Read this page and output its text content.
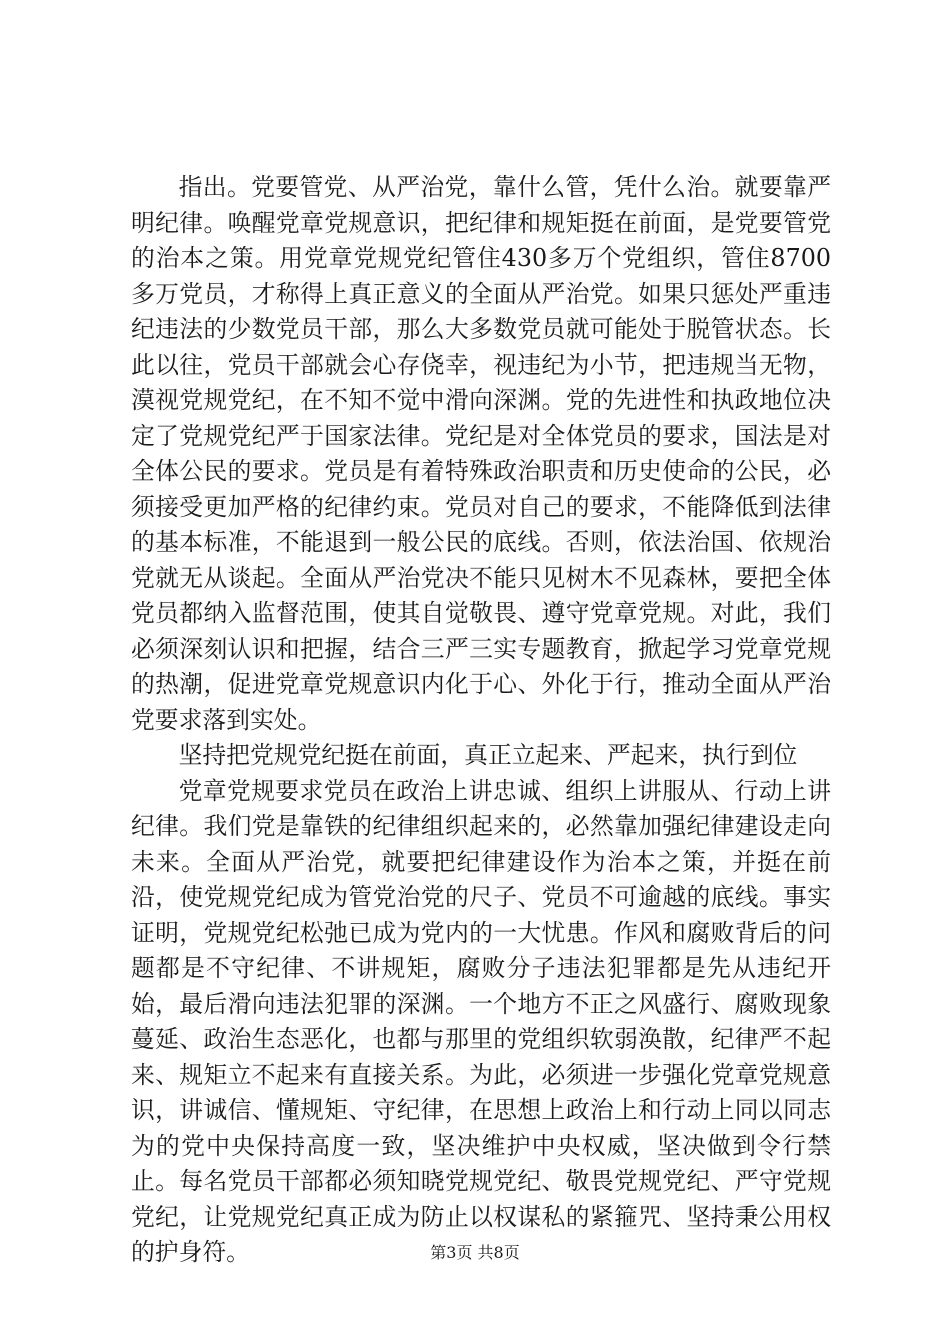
指出。党要管党、从严治党，靠什么管，凭什么治。就要靠严明纪律。唤醒党章党规意识，把纪律和规矩挺在前面，是党要管党的治本之策。用党章党规党纪管住430多万个党组织，管住8700多万党员，才称得上真正意义的全面从严治党。如果只惩处严重违纪违法的少数党员干部，那么大多数党员就可能处于脱管状态。长此以往，党员干部就会心存侥幸，视违纪为小节，把违规当无物，漠视党规党纪，在不知不觉中滑向深渊。党的先进性和执政地位决定了党规党纪严于国家法律。党纪是对全体党员的要求，国法是对全体公民的要求。党员是有着特殊政治职责和历史使命的公民，必须接受更加严格的纪律约束。党员对自己的要求，不能降低到法律的基本标准，不能退到一般公民的底线。否则，依法治国、依规治党就无从谈起。全面从严治党决不能只见树木不见森林，要把全体党员都纳入监督范围，使其自觉敬畏、遵守党章党规。对此，我们必须深刻认识和把握，结合三严三实专题教育，掀起学习党章党规的热潮，促进党章党规意识内化于心、外化于行，推动全面从严治党要求落到实处。

坚持把党规党纪挺在前面，真正立起来、严起来，执行到位

党章党规要求党员在政治上讲忠诚、组织上讲服从、行动上讲纪律。我们党是靠铁的纪律组织起来的，必然靠加强纪律建设走向未来。全面从严治党，就要把纪律建设作为治本之策，并挺在前沿，使党规党纪成为管党治党的尺子、党员不可逾越的底线。事实证明，党规党纪松弛已成为党内的一大忧患。作风和腐败背后的问题都是不守纪律、不讲规矩，腐败分子违法犯罪都是先从违纪开始，最后滑向违法犯罪的深渊。一个地方不正之风盛行、腐败现象蔓延、政治生态恶化，也都与那里的党组织软弱涣散，纪律严不起来、规矩立不起来有直接关系。为此，必须进一步强化党章党规意识，讲诚信、懂规矩、守纪律，在思想上政治上和行动上同以同志为的党中央保持高度一致，坚决维护中央权威，坚决做到令行禁止。每名党员干部都必须知晓党规党纪、敬畏党规党纪、严守党规党纪，让党规党纪真正成为防止以权谋私的紧箍咒、坚持秉公用权的护身符。	第3页 共8页
